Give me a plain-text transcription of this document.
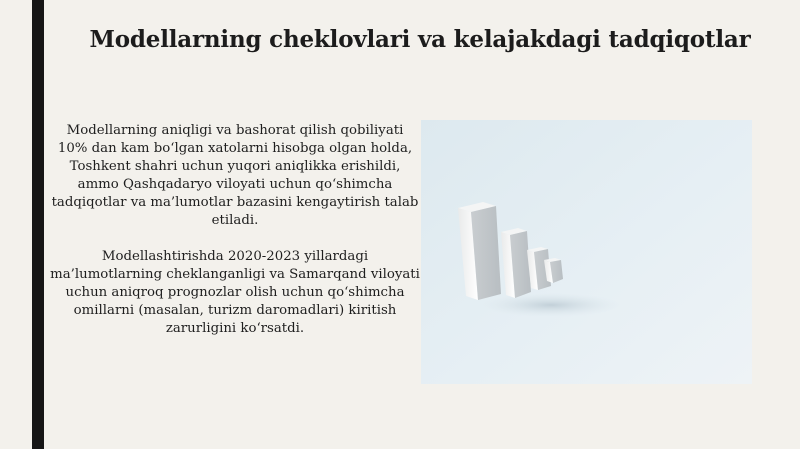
Modellarning cheklovlari va kelajakdagi tadqiqotlar

Modellarning aniqligi va bashorat qilish qobiliyati 10% dan kam bo‘lgan xatolarni hisobga olgan holda, Toshkent shahri uchun yuqori aniqlikka erishildi, ammo Qashqadaryo viloyati uchun qo‘shimcha tadqiqotlar va ma’lumotlar bazasini kengaytirish talab etiladi.

Modellashtirishda 2020-2023 yillardagi ma’lumotlarning cheklanganligi va Samarqand viloyati uchun aniqroq prognozlar olish uchun qo‘shimcha omillarni (masalan, turizm daromadlari) kiritish zarurligini ko‘rsatdi.
